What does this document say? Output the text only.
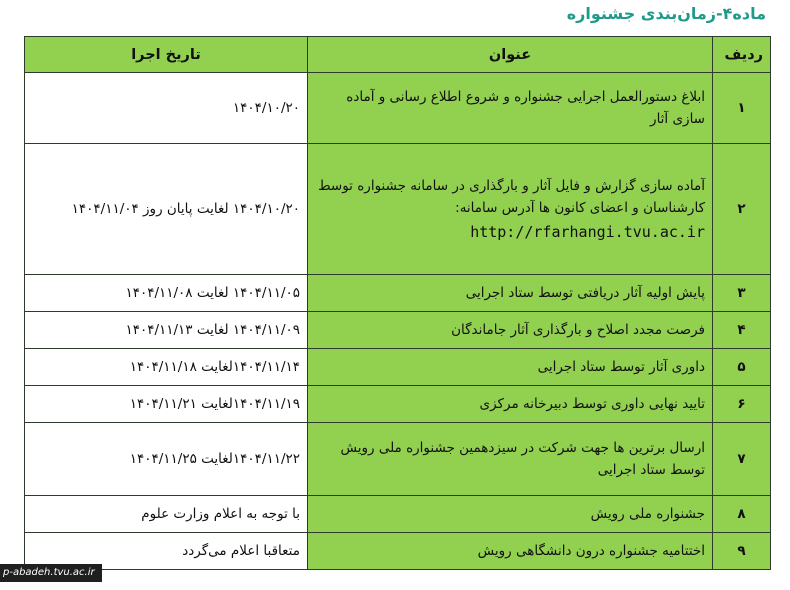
ماده۴-زمان‌بندی جشنواره
ردیف	عنوان	تاریخ اجرا
۱	ابلاغ دستورالعمل اجرایی جشنواره و شروع اطلاع رسانی و آماده سازی آثار	۱۴۰۴/۱۰/۲۰
۲	آماده سازی گزارش و فایل آثار و بارگذاری در سامانه جشنواره توسط کارشناسان و اعضای کانون ها آدرس سامانه:
http://rfarhangi.tvu.ac.ir	۱۴۰۴/۱۰/۲۰ لغایت پایان روز ۱۴۰۴/۱۱/۰۴
۳	پایش اولیه آثار دریافتی توسط ستاد اجرایی	۱۴۰۴/۱۱/۰۵ لغایت ۱۴۰۴/۱۱/۰۸
۴	فرصت مجدد اصلاح و بارگذاری آثار جاماندگان	۱۴۰۴/۱۱/۰۹ لغایت ۱۴۰۴/۱۱/۱۳
۵	داوری آثار توسط ستاد اجرایی	۱۴۰۴/۱۱/۱۴لغایت ۱۴۰۴/۱۱/۱۸
۶	تایید نهایی داوری توسط دبیرخانه مرکزی	۱۴۰۴/۱۱/۱۹لغایت ۱۴۰۴/۱۱/۲۱
۷	ارسال برترین ها جهت شرکت در سیزدهمین جشنواره ملی رویش توسط ستاد اجرایی	۱۴۰۴/۱۱/۲۲لغایت ۱۴۰۴/۱۱/۲۵
۸	جشنواره ملی رویش	با توجه به اعلام وزارت علوم
۹	اختتامیه جشنواره درون دانشگاهی رویش	متعاقبا اعلام می‌گردد
p-abadeh.tvu.ac.ir
